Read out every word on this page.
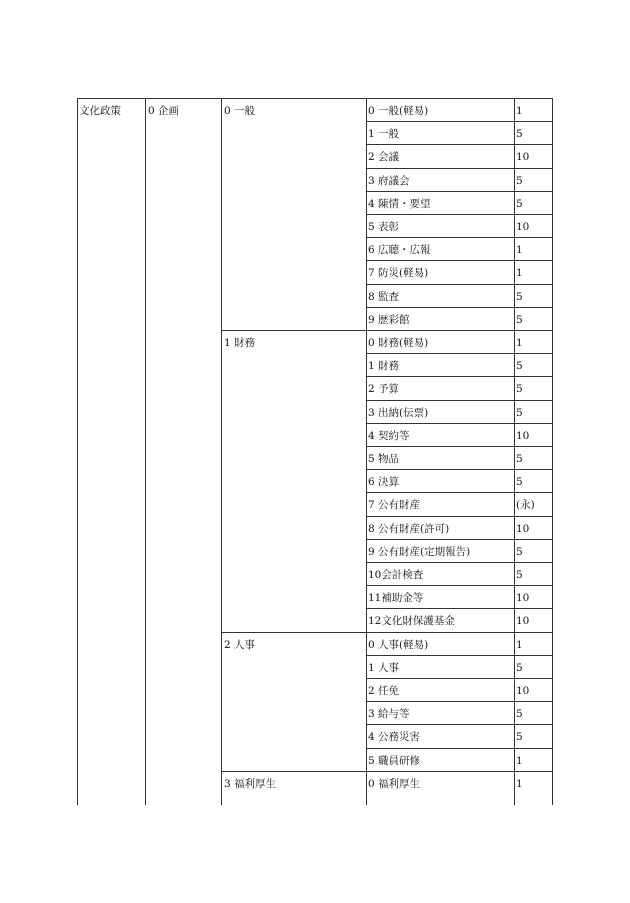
文化政策	0 企画	0 一般	0 一般(軽易)	1
1 一般	5
2 会議	10
3 府議会	5
4 陳情・要望	5
5 表彰	10
6 広聴・広報	1
7 防災(軽易)	1
8 監査	5
9 歴彩館	5
1 財務	0 財務(軽易)	1
1 財務	5
2 予算	5
3 出納(伝票)	5
4 契約等	10
5 物品	5
6 決算	5
7 公有財産	(永)
8 公有財産(許可)	10
9 公有財産(定期報告)	5
10会計検査	5
11補助金等	10
12文化財保護基金	10
2 人事	0 人事(軽易)	1
1 人事	5
2 任免	10
3 給与等	5
4 公務災害	5
5 職員研修	1
3 福利厚生	0 福利厚生	1
